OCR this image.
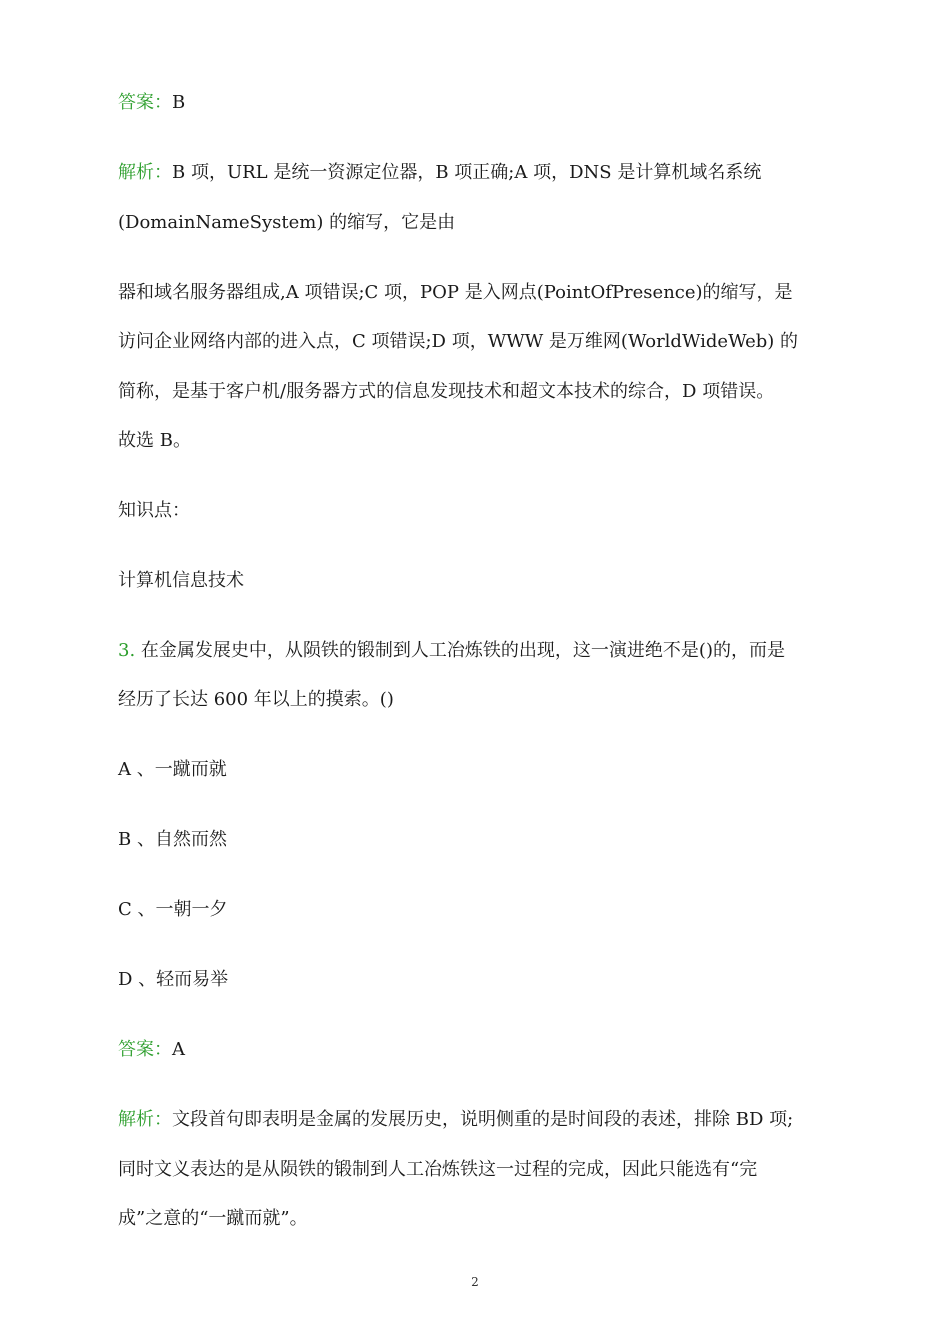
答案：B
解析：B 项，URL 是统一资源定位器，B 项正确;A 项，DNS 是计算机域名系统
(DomainNameSystem) 的缩写，它是由
器和域名服务器组成,A 项错误;C 项，POP 是入网点(PointOfPresence)的缩写，是
访问企业网络内部的进入点，C 项错误;D 项，WWW 是万维网(WorldWideWeb) 的
简称，是基于客户机/服务器方式的信息发现技术和超文本技术的综合，D 项错误。
故选 B。
知识点：
计算机信息技术
3. 在金属发展史中，从陨铁的锻制到人工冶炼铁的出现，这一演进绝不是()的，而是
经历了长达 600 年以上的摸索。()
A 、一蹴而就
B 、自然而然
C 、一朝一夕
D 、轻而易举
答案：A
解析：文段首句即表明是金属的发展历史，说明侧重的是时间段的表述，排除 BD 项;
同时文义表达的是从陨铁的锻制到人工冶炼铁这一过程的完成，因此只能选有“完
成”之意的“一蹴而就”。
2
